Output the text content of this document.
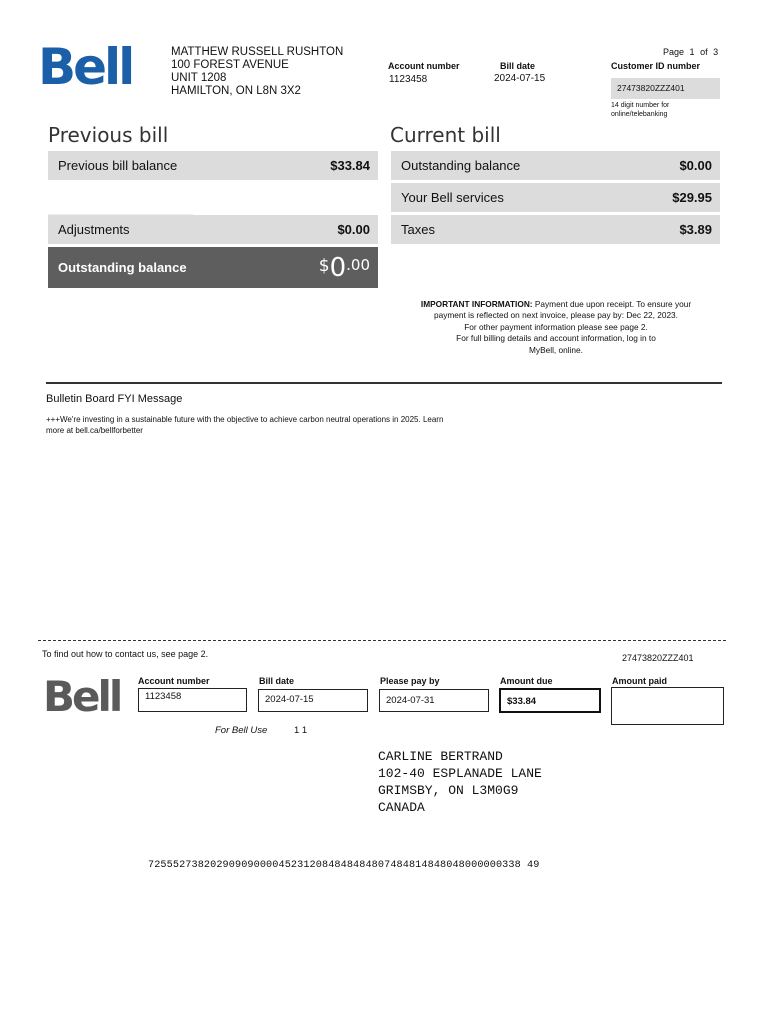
Bell	MATTHEW RUSSELL RUSHTON
100 FOREST AVENUE
UNIT 1208
HAMILTON, ON L8N 3X2
Account number
1123458
Bill date
2024-07-15
Page 1 of 3
Customer ID number
27473820ZZZ401
14 digit number for
online/telebanking
Previous bill
Previous bill balance	$33.84
Adjustments	$0.00
Outstanding balance	$ 0 .00
Current bill
Outstanding balance	$0.00
Your Bell services	$29.95
Taxes	$3.89
IMPORTANT INFORMATION: Payment due upon receipt. To ensure your
payment is reflected on next invoice, please pay by: Dec 22, 2023.
For other payment information please see page 2.
For full billing details and account information, log in to
MyBell, online.
Bulletin Board FYI Message
+++We're investing in a sustainable future with the objective to achieve carbon neutral operations in 2025. Learn
more at bell.ca/bellforbetter
To find out how to contact us, see page 2.	27473820ZZZ401
Bell Account number
1123458
Bill date
2024-07-15
Please pay by
2024-07-31
Amount due
$33.84
Amount paid
For Bell Use	1 1
CARLINE BERTRAND
102-40 ESPLANADE LANE
GRIMSBY, ON L3M0G9
CANADA
725552738202909090000452312084848484807484814848048000000338 49
